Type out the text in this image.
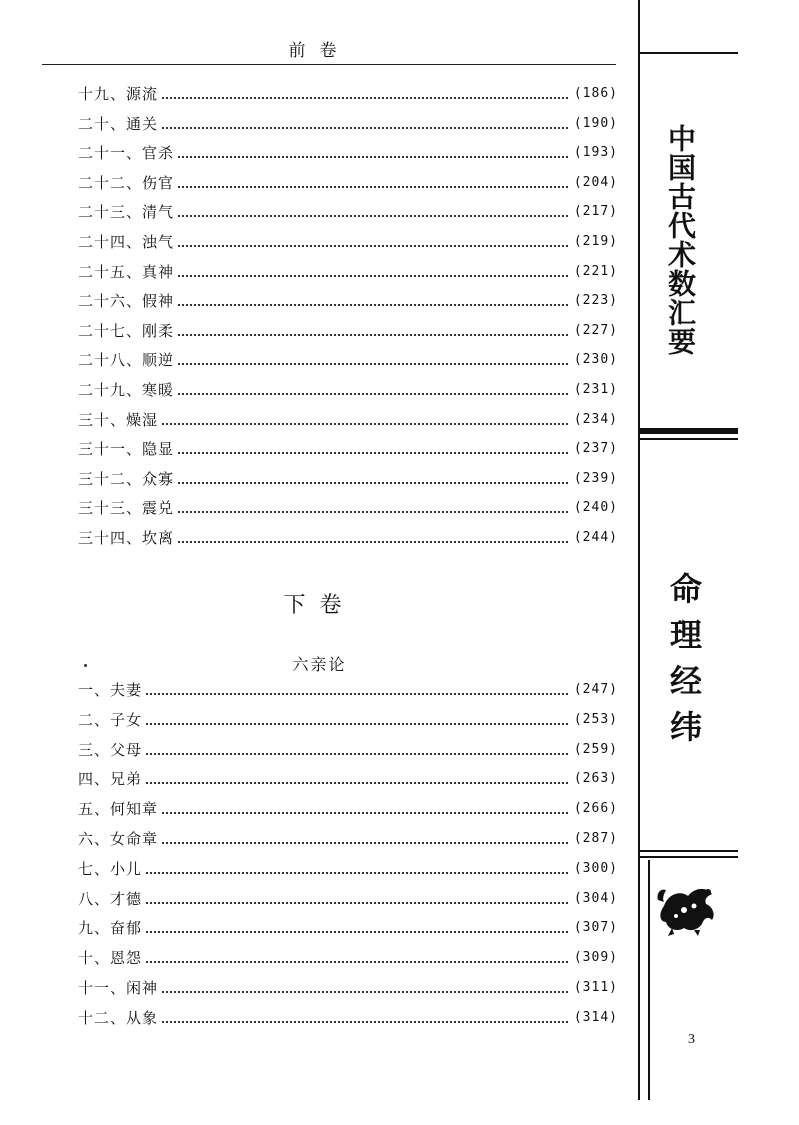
前卷
十九、源流	(186)
二十、通关	(190)
二十一、官杀	(193)
二十二、伤官	(204)
二十三、清气	(217)
二十四、浊气	(219)
二十五、真神	(221)
二十六、假神	(223)
二十七、刚柔	(227)
二十八、顺逆	(230)
二十九、寒暖	(231)
三十、燥湿	(234)
三十一、隐显	(237)
三十二、众寡	(239)
三十三、震兑	(240)
三十四、坎离	(244)
下卷
六亲论
一、夫妻	(247)
二、子女	(253)
三、父母	(259)
四、兄弟	(263)
五、何知章	(266)
六、女命章	(287)
七、小儿	(300)
八、才德	(304)
九、奋郁	(307)
十、恩怨	(309)
十一、闲神	(311)
十二、从象	(314)
中国古代术数汇要
命理经纬
3
